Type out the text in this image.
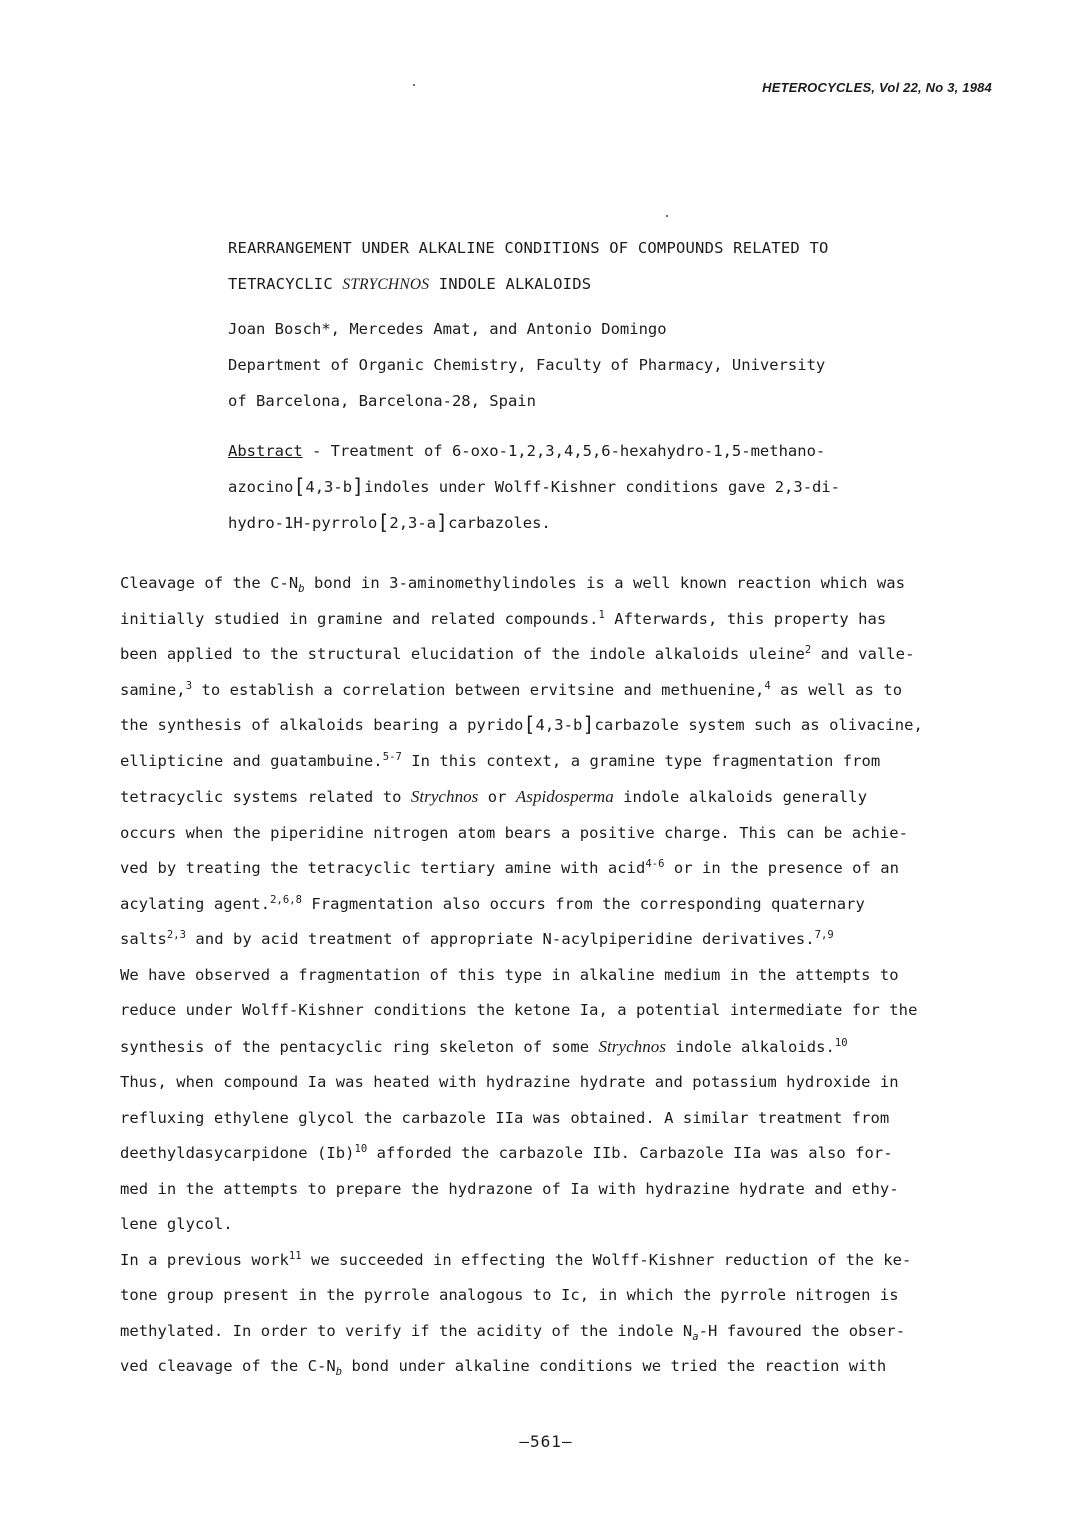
HETEROCYCLES, Vol 22, No 3, 1984
REARRANGEMENT UNDER ALKALINE CONDITIONS OF COMPOUNDS RELATED TO
TETRACYCLIC STRYCHNOS INDOLE ALKALOIDS
Joan Bosch*, Mercedes Amat, and Antonio Domingo
Department of Organic Chemistry, Faculty of Pharmacy, University
of Barcelona, Barcelona-28, Spain
Abstract - Treatment of 6-oxo-1,2,3,4,5,6-hexahydro-1,5-methano-
azocino[4,3-b]indoles under Wolff-Kishner conditions gave 2,3-di-
hydro-1H-pyrrolo[2,3-a]carbazoles.
Cleavage of the $C-N_b$ bond in 3-aminomethylindoles is a well known reaction which was
initially studied in gramine and related compounds.$^1$ Afterwards, this property has
been applied to the structural elucidation of the indole alkaloids uleine$^2$ and valle-
samine,$^3$ to establish a correlation between ervitsine and methuenine,$^4$ as well as to
the synthesis of alkaloids bearing a pyrido[4,3-b]carbazole system such as olivacine,
ellipticine and guatambuine.$^{5-7}$ In this context, a gramine type fragmentation from
tetracyclic systems related to Strychnos or Aspidosperma indole alkaloids generally
occurs when the piperidine nitrogen atom bears a positive charge. This can be achie-
ved by treating the tetracyclic tertiary amine with acid$^{4-6}$ or in the presence of an
acylating agent.$^{2,6,8}$ Fragmentation also occurs from the corresponding quaternary
salts$^{2,3}$ and by acid treatment of appropriate N-acylpiperidine derivatives.$^{7,9}$
We have observed a fragmentation of this type in alkaline medium in the attempts to
reduce under Wolff-Kishner conditions the ketone Ia, a potential intermediate for the
synthesis of the pentacyclic ring skeleton of some Strychnos indole alkaloids.$^{10}$
Thus, when compound Ia was heated with hydrazine hydrate and potassium hydroxide in
refluxing ethylene glycol the carbazole IIa was obtained. A similar treatment from
deethyldasycarpidone $(Ib)^{10}$ afforded the carbazole IIb. Carbazole IIa was also for-
med in the attempts to prepare the hydrazone of Ia with hydrazine hydrate and ethy-
lene glycol.
In a previous work$^{11}$ we succeeded in effecting the Wolff-Kishner reduction of the ke-
tone group present in the pyrrole analogous to Ic, in which the pyrrole nitrogen is
methylated. In order to verify if the acidity of the indole $N_a-H$ favoured the obser-
ved cleavage of the $C-N_b$ bond under alkaline conditions we tried the reaction with
—561—
